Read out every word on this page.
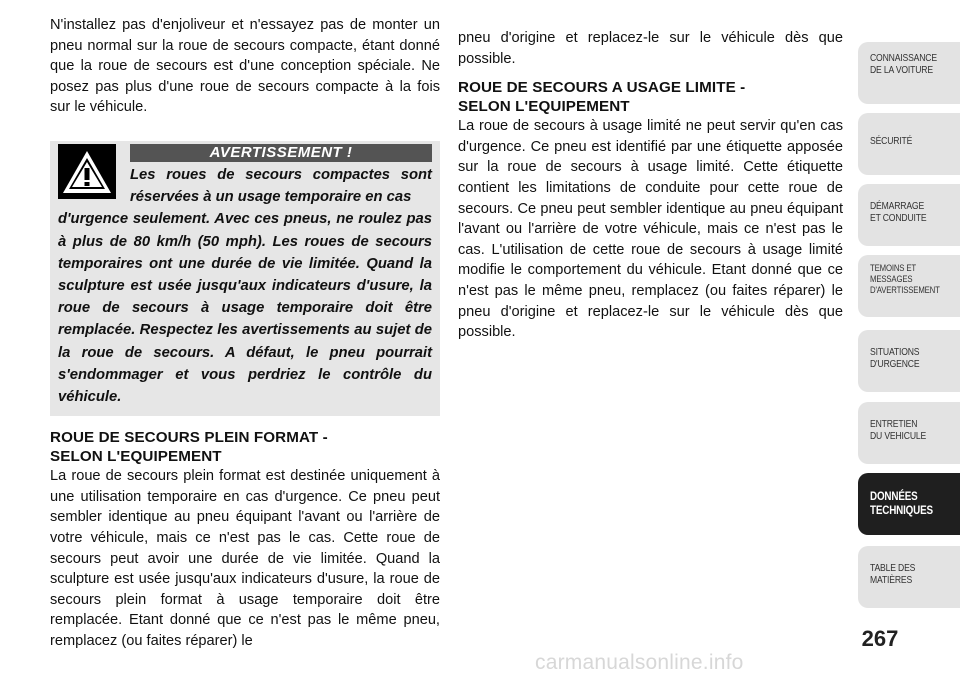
N'installez pas d'enjoliveur et n'essayez pas de monter un pneu normal sur la roue de secours compacte, étant donné que la roue de secours est d'une conception spéciale. Ne posez pas plus d'une roue de secours compacte à la fois sur le véhicule.

AVERTISSEMENT !
Les roues de secours compactes sont réservées à un usage temporaire en cas
d'urgence seulement. Avec ces pneus, ne roulez pas à plus de 80 km/h (50 mph). Les roues de secours temporaires ont une durée de vie limitée. Quand la sculpture est usée jusqu'aux indicateurs d'usure, la roue de secours à usage temporaire doit être remplacée. Respectez les avertissements au sujet de la roue de secours. A défaut, le pneu pourrait s'endommager et vous perdriez le contrôle du véhicule.

ROUE DE SECOURS PLEIN FORMAT -
SELON L'EQUIPEMENT

La roue de secours plein format est destinée uniquement à une utilisation temporaire en cas d'urgence. Ce pneu peut sembler identique au pneu équipant l'avant ou l'arrière de votre véhicule, mais ce n'est pas le cas. Cette roue de secours peut avoir une durée de vie limitée. Quand la sculpture est usée jusqu'aux indicateurs d'usure, la roue de secours plein format à usage temporaire doit être remplacée. Etant donné que ce n'est pas le même pneu, remplacez (ou faites réparer) le

pneu d'origine et replacez-le sur le véhicule dès que possible.

ROUE DE SECOURS A USAGE LIMITE -
SELON L'EQUIPEMENT

La roue de secours à usage limité ne peut servir qu'en cas d'urgence. Ce pneu est identifié par une étiquette apposée sur la roue de secours à usage limité. Cette étiquette contient les limitations de conduite pour cette roue de secours. Ce pneu peut sembler identique au pneu équipant l'avant ou l'arrière de votre véhicule, mais ce n'est pas le cas. L'utilisation de cette roue de secours à usage limité modifie le comportement du véhicule. Etant donné que ce n'est pas le même pneu, remplacez (ou faites réparer) le pneu d'origine et replacez-le sur le véhicule dès que possible.

CONNAISSANCE
DE LA VOITURE
SÉCURITÉ
DÉMARRAGE
ET CONDUITE
TEMOINS ET
MESSAGES
D'AVERTISSEMENT
SITUATIONS
D'URGENCE
ENTRETIEN
DU VEHICULE
DONNÉES
TECHNIQUES
TABLE DES
MATIÈRES
267
carmanualsonline.info
